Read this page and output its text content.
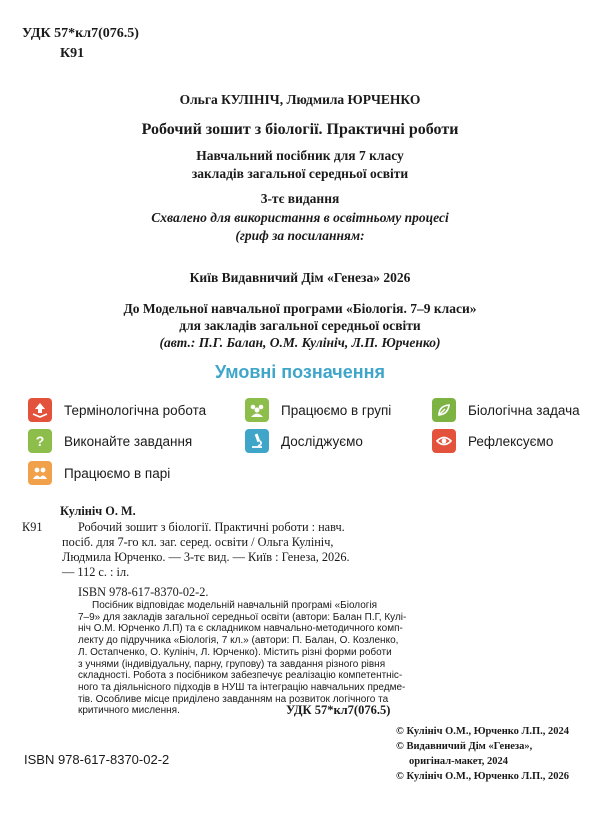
УДК 57*кл7(076.5)
К91
Ольга КУЛІНІЧ, Людмила ЮРЧЕНКО
Робочий зошит з біології. Практичні роботи
Навчальний посібник для 7 класу
закладів загальної середньої освіти
3-тє видання
Схвалено для використання в освітньому процесі
(гриф за посиланням:
Київ Видавничий Дім «Генеза» 2026
До Модельної навчальної програми «Біологія. 7–9 класи»
для закладів загальної середньої освіти
(авт.: П.Г. Балан, О.М. Кулініч, Л.П. Юрченко)
Умовні позначення
Термінологічна робота	Працюємо в групі	Біологічна задача
? Виконайте завдання	Досліджуємо	Рефлексуємо
Працюємо в парі
Кулініч О. М.
К91	Робочий зошит з біології. Практичні роботи : навч.
посіб. для 7-го кл. заг. серед. освіти / Ольга Кулініч,
Людмила Юрченко. — 3-тє вид. — Київ : Генеза, 2026.
— 112 с. : іл.
ISBN 978-617-8370-02-2.
Посібник відповідає модельній навчальній програмі «Біологія
7–9» для закладів загальної середньої освіти (автори: Балан П.Г, Кулі-
ніч О.М. Юрченко Л.П) та є складником навчально-методичного комп-
лекту до підручника «Біологія, 7 кл.» (автори: П. Балан, О. Козленко,
Л. Остапченко, О. Кулініч, Л. Юрченко). Містить різні форми роботи
з учнями (індивідуальну, парну, групову) та завдання різного рівня
складності. Робота з посібником забезпечує реалізацію компетентніс-
ного та діяльнісного підходів в НУШ та інтеграцію навчальних предме-
тів. Особливе місце приділено завданням на розвиток логічного та
критичного мислення.	УДК 57*кл7(076.5)
© Кулініч О.М., Юрченко Л.П., 2024
© Видавничий Дім «Генеза»,
оригінал-макет, 2024
© Кулініч О.М., Юрченко Л.П., 2026
ISBN 978-617-8370-02-2
